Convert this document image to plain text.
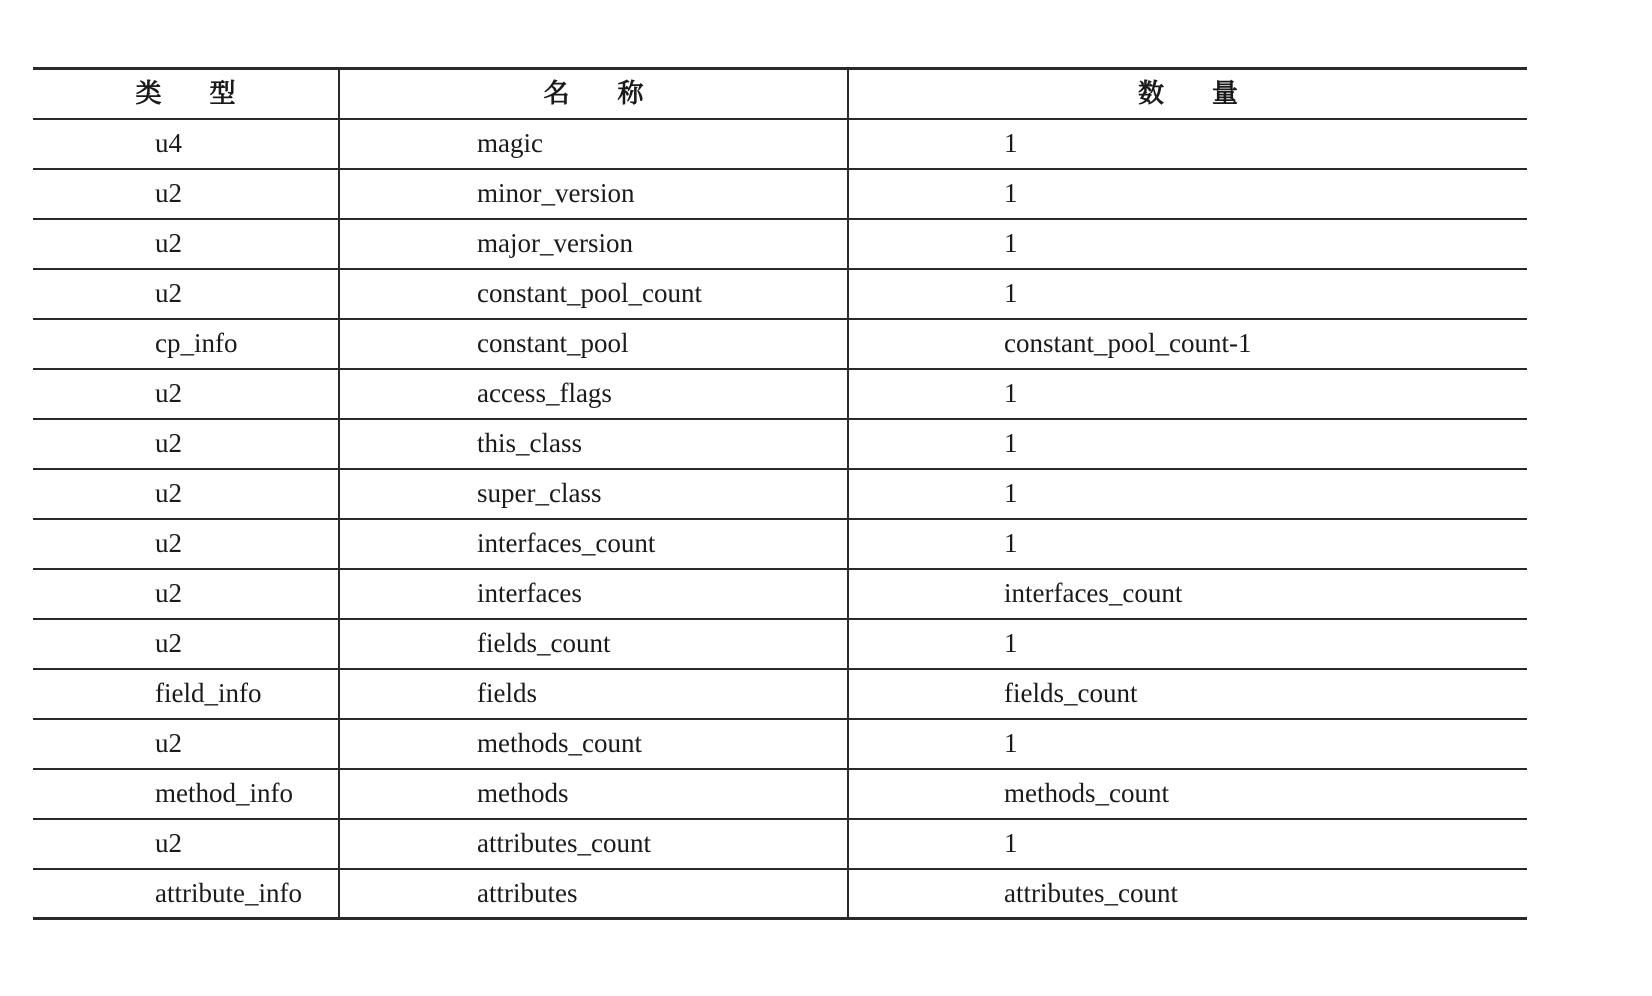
类型	名称	数量
u4	magic	1
u2	minor_version	1
u2	major_version	1
u2	constant_pool_count	1
cp_info	constant_pool	constant_pool_count-1
u2	access_flags	1
u2	this_class	1
u2	super_class	1
u2	interfaces_count	1
u2	interfaces	interfaces_count
u2	fields_count	1
field_info	fields	fields_count
u2	methods_count	1
method_info	methods	methods_count
u2	attributes_count	1
attribute_info	attributes	attributes_count
